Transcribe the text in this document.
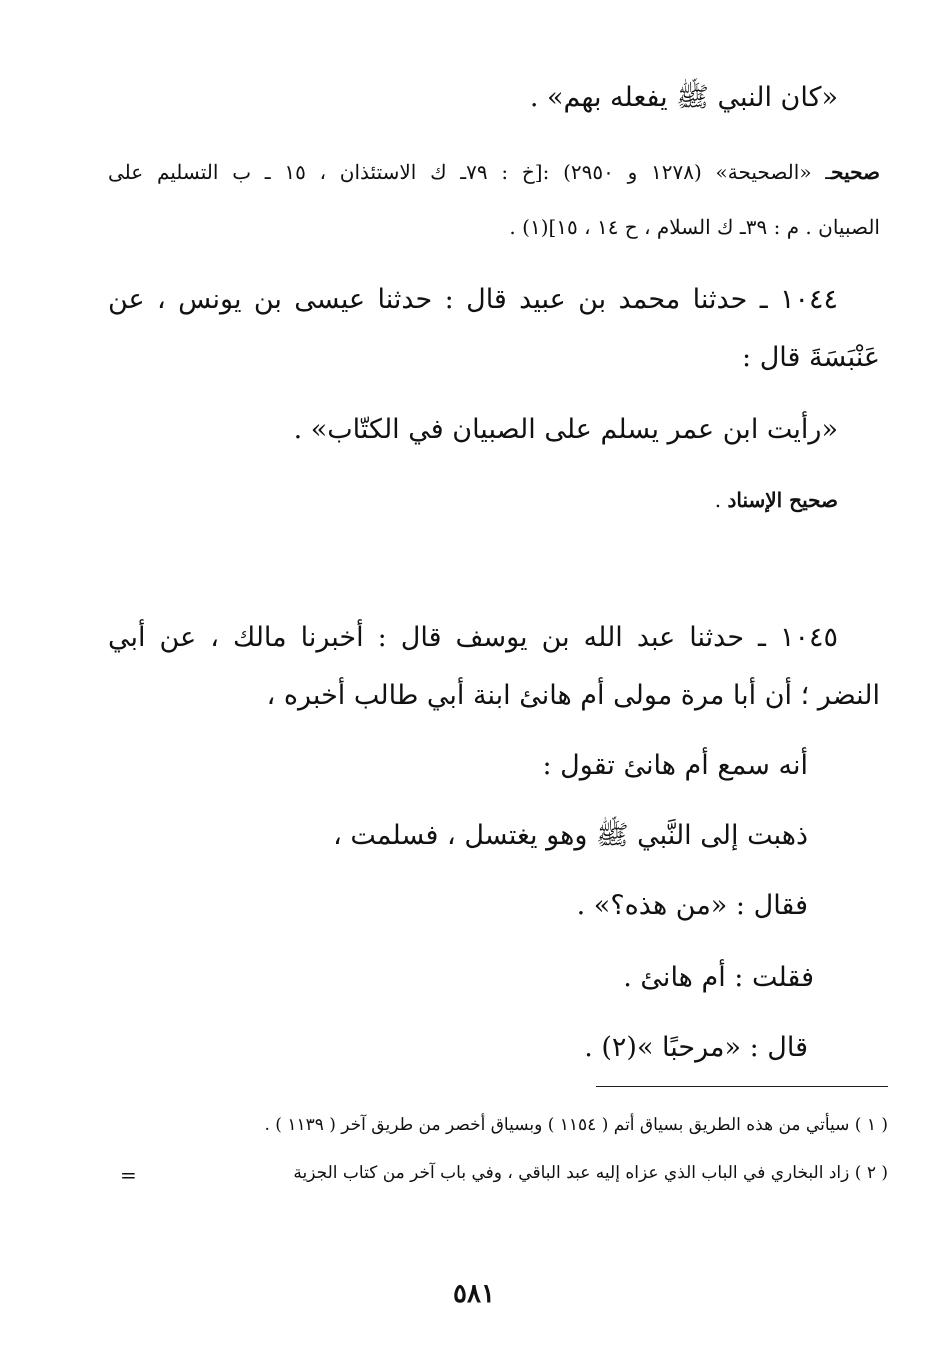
«كان النبي ﷺ يفعله بهم» .
صحيحـ «الصحيحة» (١٢٧٨ و ٢٩٥٠) :[خ : ٧٩ـ ك الاستئذان ، ١٥ ـ ب التسليم على
الصبيان . م : ٣٩ـ ك السلام ، ح ١٤ ، ١٥](١) .
١٠٤٤ ـ حدثنا محمد بن عبيد قال : حدثنا عيسى بن يونس ، عن
عَنْبَسَةَ قال :
«رأيت ابن عمر يسلم على الصبيان في الكتّاب» .
صحيح الإسناد .
١٠٤٥ ـ حدثنا عبد الله بن يوسف قال : أخبرنا مالك ، عن أبي
النضر ؛ أن أبا مرة مولى أم هانئ ابنة أبي طالب أخبره ،
أنه سمع أم هانئ تقول :
ذهبت إلى النَّبي ﷺ وهو يغتسل ، فسلمت ،
فقال : «من هذه؟» .
فقلت : أم هانئ .
قال : «مرحبًا »(٢) .
( ١ ) سيأتي من هذه الطريق بسياق أتم ( ١١٥٤ ) وبسياق أخصر من طريق آخر ( ١١٣٩ ) .
( ٢ ) زاد البخاري في الباب الذي عزاه إليه عبد الباقي ، وفي باب آخر من كتاب الجزية
=
٥٨١
